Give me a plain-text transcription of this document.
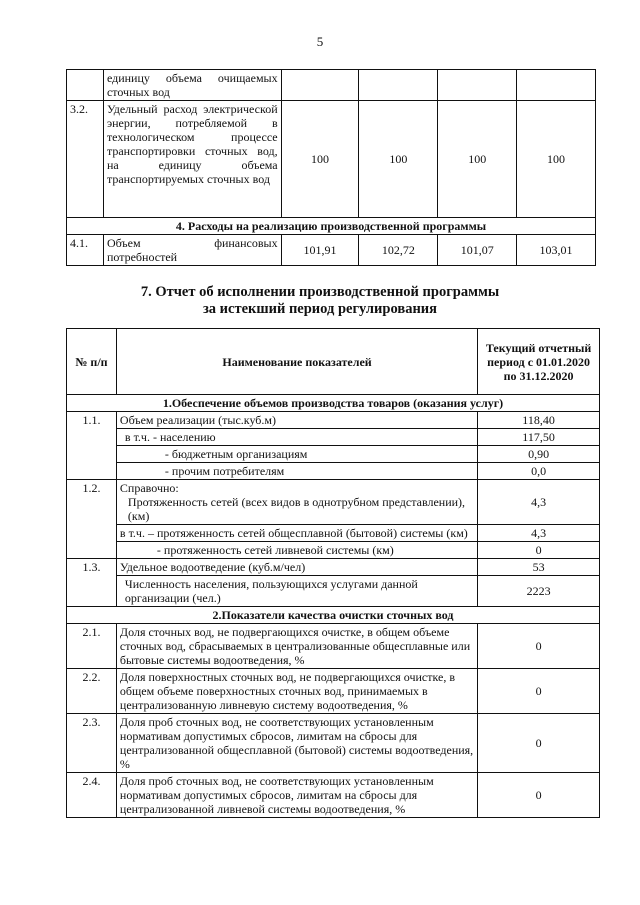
5
	единицу объема очищаемых сточных вод				
3.2.	Удельный расход электрической энергии, потребляемой в технологическом процессе транспортировки сточных вод, на единицу объема транспортируемых сточных вод	100	100	100	100
4. Расходы на реализацию производственной программы					
4.1.	Объем финансовых потребностей	101,91	102,72	101,07	103,01
7. Отчет об исполнении производственной программы
за истекший период регулирования
№ п/п	Наименование показателей	Текущий отчетный период с 01.01.2020 по 31.12.2020
1.Обеспечение объемов производства товаров (оказания услуг)		
1.1.	Объем реализации (тыс.куб.м)	118,40
	в т.ч. - населению	117,50
	- бюджетным организациям	0,90
	- прочим потребителям	0,0
1.2.	Справочно:
Протяженность сетей (всех видов в однотрубном представлении), (км)	4,3
	в т.ч. – протяженность сетей общесплавной (бытовой) системы (км)	4,3
	- протяженность сетей ливневой системы (км)	0
1.3.	Удельное водоотведение (куб.м/чел)	53
	Численность населения, пользующихся услугами данной организации (чел.)	2223
2.Показатели качества очистки сточных вод		
2.1.	Доля сточных вод, не подвергающихся очистке, в общем объеме сточных вод, сбрасываемых в централизованные общесплавные или бытовые системы водоотведения, %	0
2.2.	Доля поверхностных сточных вод, не подвергающихся очистке, в общем объеме поверхностных сточных вод, принимаемых в централизованную ливневую систему водоотведения, %	0
2.3.	Доля проб сточных вод, не соответствующих установленным нормативам допустимых сбросов, лимитам на сбросы для централизованной общесплавной (бытовой) системы водоотведения, %	0
2.4.	Доля проб сточных вод, не соответствующих установленным нормативам допустимых сбросов, лимитам на сбросы для централизованной ливневой системы водоотведения, %	0
